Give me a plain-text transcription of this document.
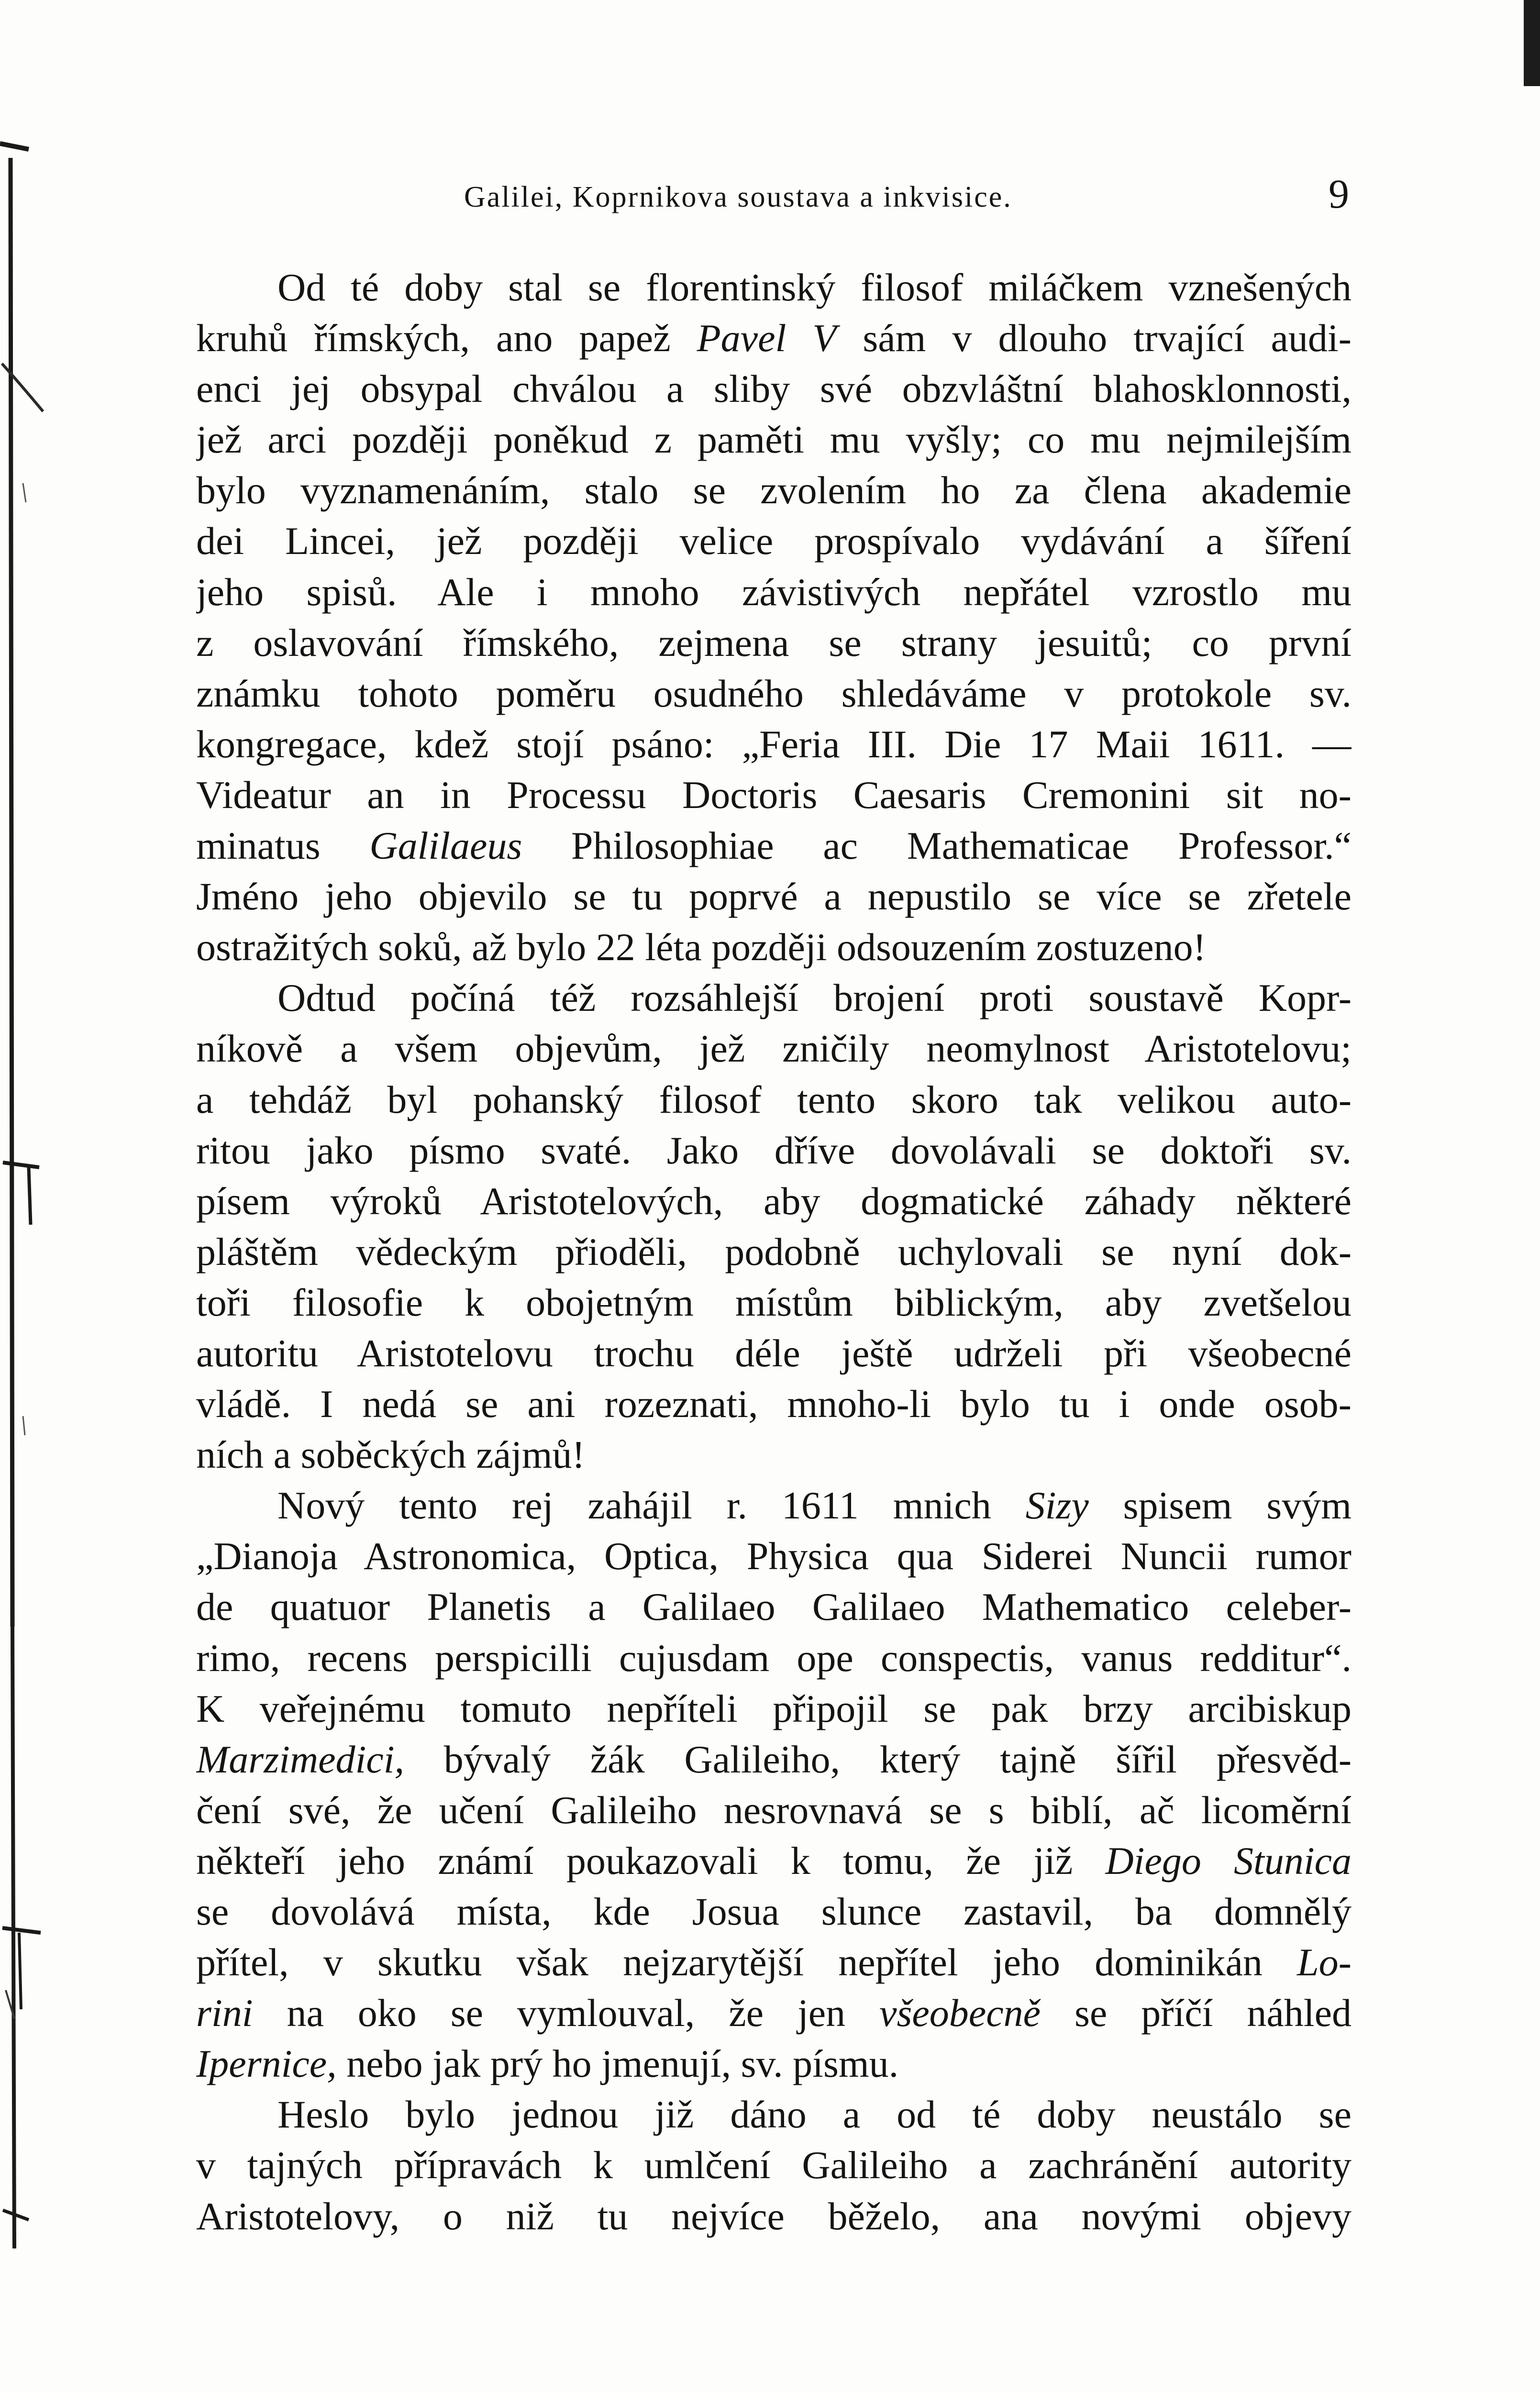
Galilei, Koprnikova soustava a inkvisice.	9
Od té doby stal se florentinský filosof miláčkem vznešených
kruhů římských, ano papež Pavel V sám v dlouho trvající audi-
enci jej obsypal chválou a sliby své obzvláštní blahosklonnosti,
jež arci později poněkud z paměti mu vyšly; co mu nejmilejším
bylo vyznamenáním, stalo se zvolením ho za člena akademie
dei Lincei, jež později velice prospívalo vydávání a šíření
jeho spisů. Ale i mnoho závistivých nepřátel vzrostlo mu
z oslavování římského, zejmena se strany jesuitů; co první
známku tohoto poměru osudného shledáváme v protokole sv.
kongregace, kdež stojí psáno: „Feria III. Die 17 Maii 1611. —
Videatur an in Processu Doctoris Caesaris Cremonini sit no-
minatus Galilaeus Philosophiae ac Mathematicae Professor.“
Jméno jeho objevilo se tu poprvé a nepustilo se více se zřetele
ostražitých soků, až bylo 22 léta později odsouzením zostuzeno!
Odtud počíná též rozsáhlejší brojení proti soustavě Kopr-
níkově a všem objevům, jež zničily neomylnost Aristotelovu;
a tehdáž byl pohanský filosof tento skoro tak velikou auto-
ritou jako písmo svaté. Jako dříve dovolávali se doktoři sv.
písem výroků Aristotelových, aby dogmatické záhady některé
pláštěm vědeckým přioděli, podobně uchylovali se nyní dok-
toři filosofie k obojetným místům biblickým, aby zvetšelou
autoritu Aristotelovu trochu déle ještě udrželi při všeobecné
vládě. I nedá se ani rozeznati, mnoho-li bylo tu i onde osob-
ních a soběckých zájmů!
Nový tento rej zahájil r. 1611 mnich Sizy spisem svým
„Dianoja Astronomica, Optica, Physica qua Siderei Nuncii rumor
de quatuor Planetis a Galilaeo Galilaeo Mathematico celeber-
rimo, recens perspicilli cujusdam ope conspectis, vanus redditur“.
K veřejnému tomuto nepříteli připojil se pak brzy arcibiskup
Marzimedici, bývalý žák Galileiho, který tajně šířil přesvěd-
čení své, že učení Galileiho nesrovnavá se s biblí, ač licoměrní
někteří jeho známí poukazovali k tomu, že již Diego Stunica
se dovolává místa, kde Josua slunce zastavil, ba domnělý
přítel, v skutku však nejzarytější nepřítel jeho dominikán Lo-
rini na oko se vymlouval, že jen všeobecně se příčí náhled
Ipernice, nebo jak prý ho jmenují, sv. písmu.
Heslo bylo jednou již dáno a od té doby neustálo se
v tajných přípravách k umlčení Galileiho a zachránění autority
Aristotelovy, o niž tu nejvíce běželo, ana novými objevy
